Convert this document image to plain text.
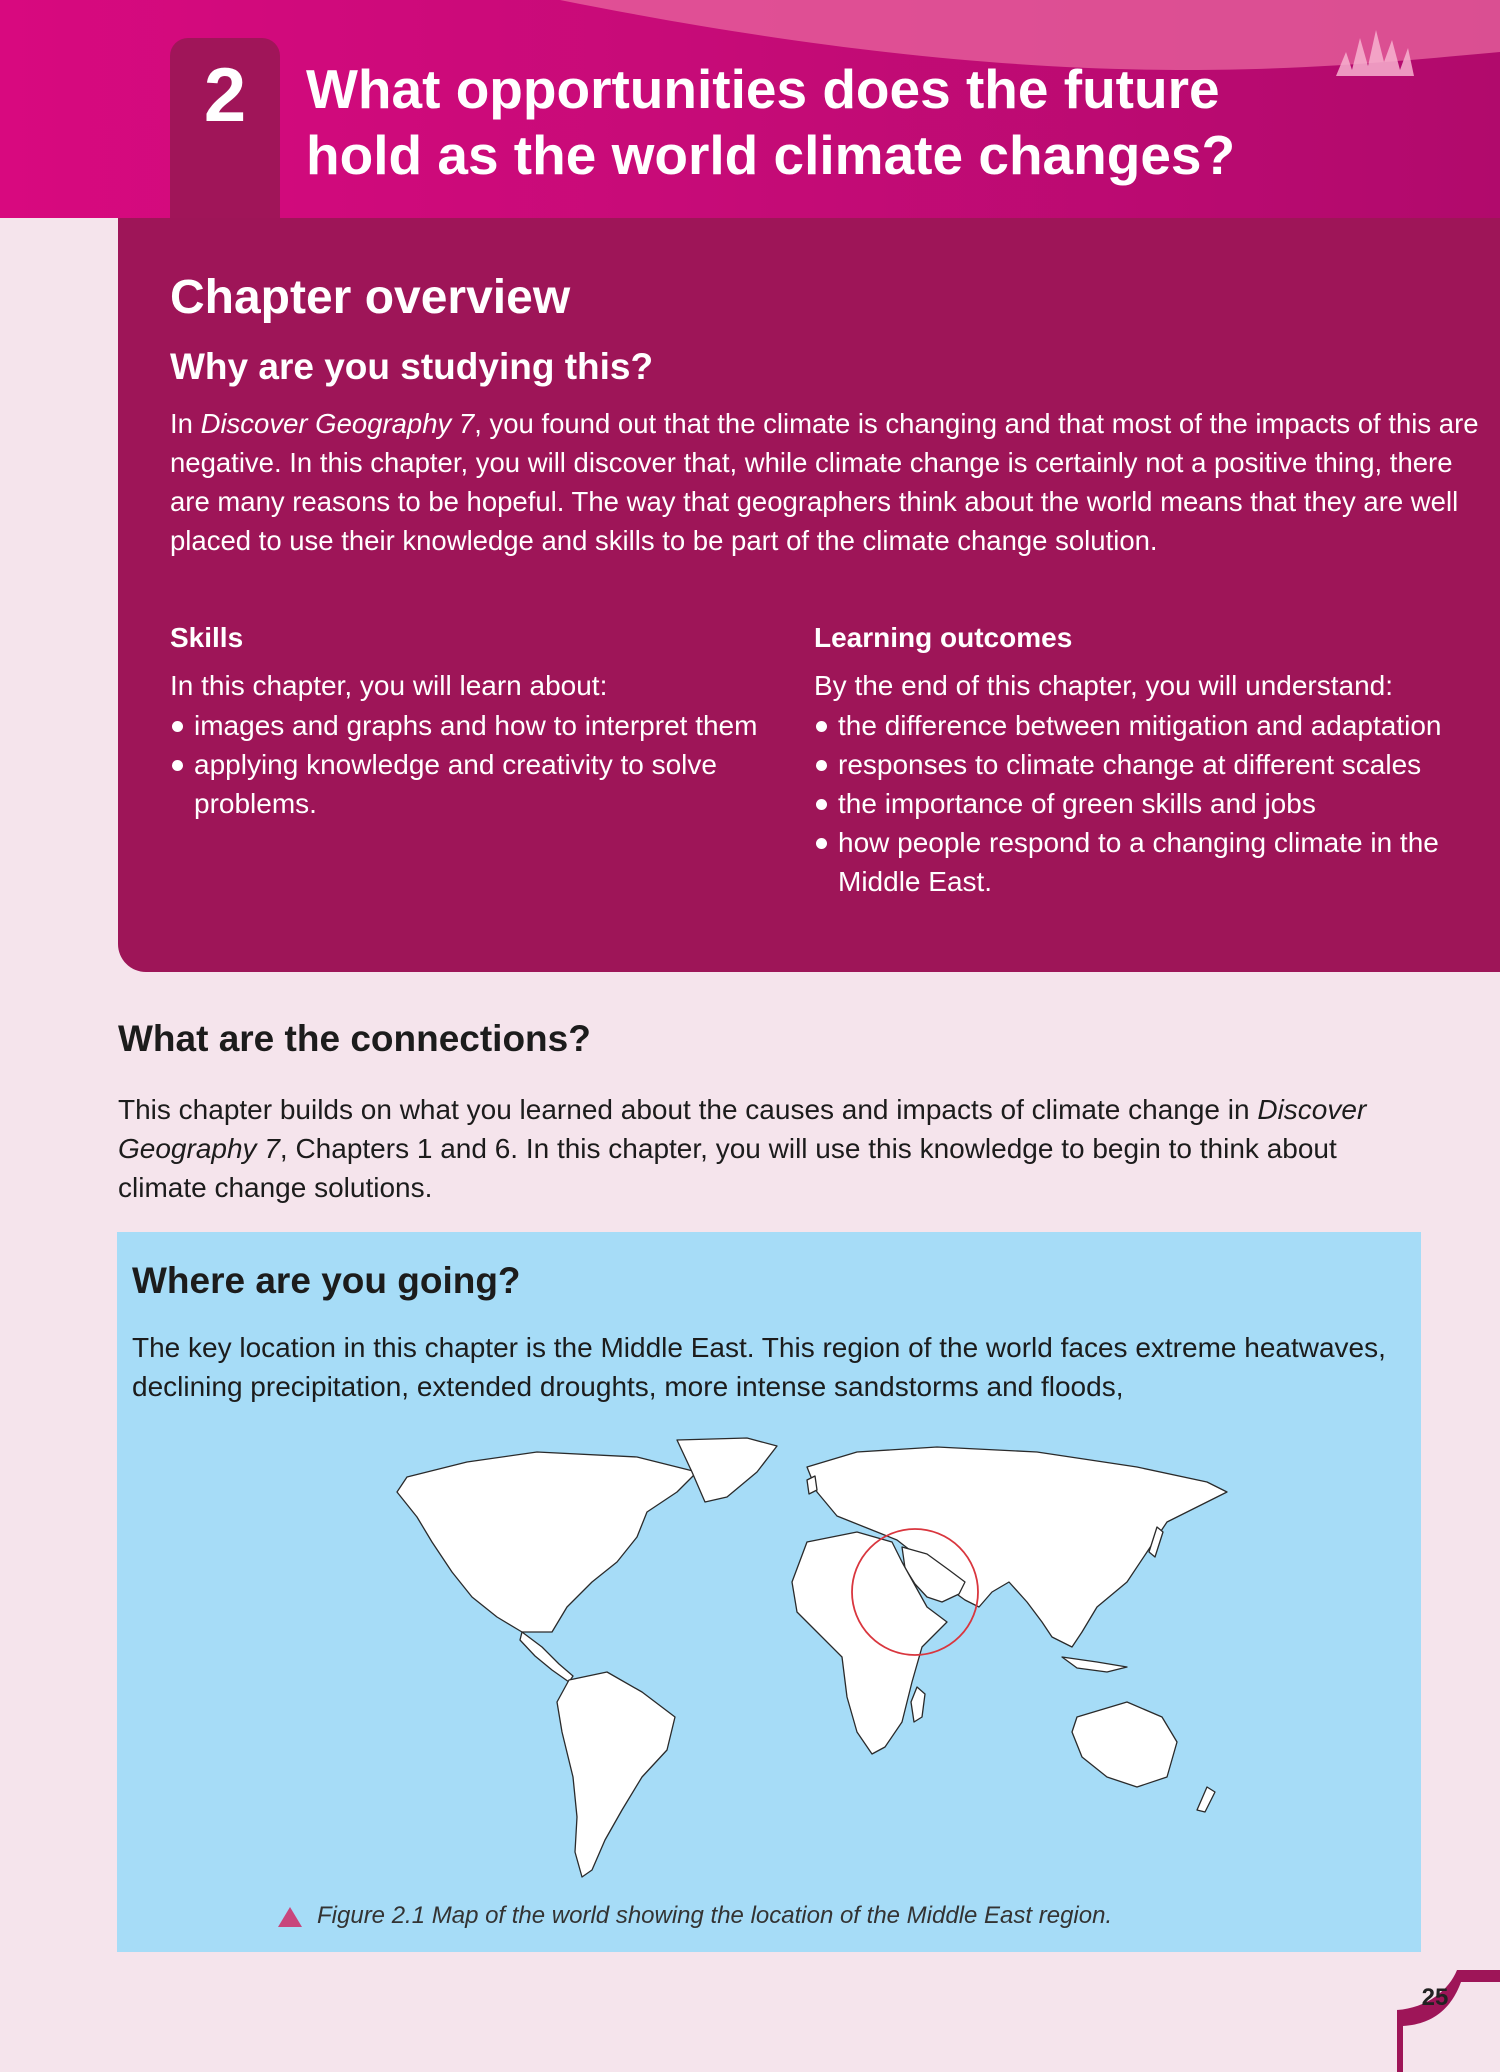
2	What opportunities does the future
hold as the world climate changes?
Chapter overview
Why are you studying this?

In Discover Geography 7, you found out that the climate is changing and that most of the impacts of this are negative. In this chapter, you will discover that, while climate change is certainly not a positive thing, there are many reasons to be hopeful. The way that geographers think about the world means that they are well placed to use their knowledge and skills to be part of the climate change solution.

Skills

In this chapter, you will learn about:

images and graphs and how to interpret them
applying knowledge and creativity to solve problems.
Learning outcomes

By the end of this chapter, you will understand:

the difference between mitigation and adaptation
responses to climate change at different scales
the importance of green skills and jobs
how people respond to a changing climate in the Middle East.
What are the connections?

This chapter builds on what you learned about the causes and impacts of climate change in Discover Geography 7, Chapters 1 and 6. In this chapter, you will use this knowledge to begin to think about climate change solutions.

Where are you going?

The key location in this chapter is the Middle East. This region of the world faces extreme heatwaves, declining precipitation, extended droughts, more intense sandstorms and floods,

Figure 2.1 Map of the world showing the location of the Middle East region.

25
